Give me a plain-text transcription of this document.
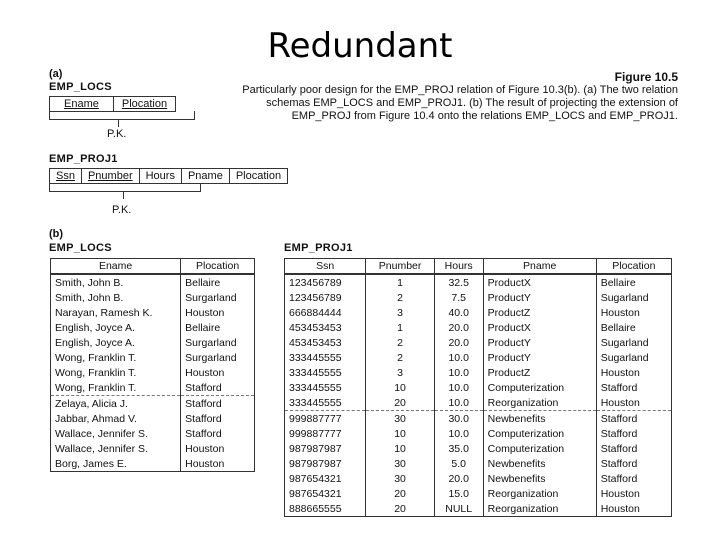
Redundant
Figure 10.5
Particularly poor design for the EMP_PROJ relation of Figure 10.3(b). (a) The two relation schemas EMP_LOCS and EMP_PROJ1. (b) The result of projecting the extension of EMP_PROJ from Figure 10.4 onto the relations EMP_LOCS and EMP_PROJ1.
(a)
EMP_LOCS
Ename	Plocation
P.K.
EMP_PROJ1
Ssn	Pnumber	Hours	Pname	Plocation
P.K.
(b)
EMP_LOCS
Ename	Plocation
Smith, John B.	Bellaire
Smith, John B.	Surgarland
Narayan, Ramesh K.	Houston
English, Joyce A.	Bellaire
English, Joyce A.	Surgarland
Wong, Franklin T.	Surgarland
Wong, Franklin T.	Houston
Wong, Franklin T.	Stafford
Zelaya, Alicia J.	Stafford
Jabbar, Ahmad V.	Stafford
Wallace, Jennifer S.	Stafford
Wallace, Jennifer S.	Houston
Borg, James E.	Houston
EMP_PROJ1
Ssn	Pnumber	Hours	Pname	Plocation
123456789	1	32.5	ProductX	Bellaire
123456789	2	7.5	ProductY	Sugarland
666884444	3	40.0	ProductZ	Houston
453453453	1	20.0	ProductX	Bellaire
453453453	2	20.0	ProductY	Sugarland
333445555	2	10.0	ProductY	Sugarland
333445555	3	10.0	ProductZ	Houston
333445555	10	10.0	Computerization	Stafford
333445555	20	10.0	Reorganization	Houston
999887777	30	30.0	Newbenefits	Stafford
999887777	10	10.0	Computerization	Stafford
987987987	10	35.0	Computerization	Stafford
987987987	30	5.0	Newbenefits	Stafford
987654321	30	20.0	Newbenefits	Stafford
987654321	20	15.0	Reorganization	Houston
888665555	20	NULL	Reorganization	Houston
